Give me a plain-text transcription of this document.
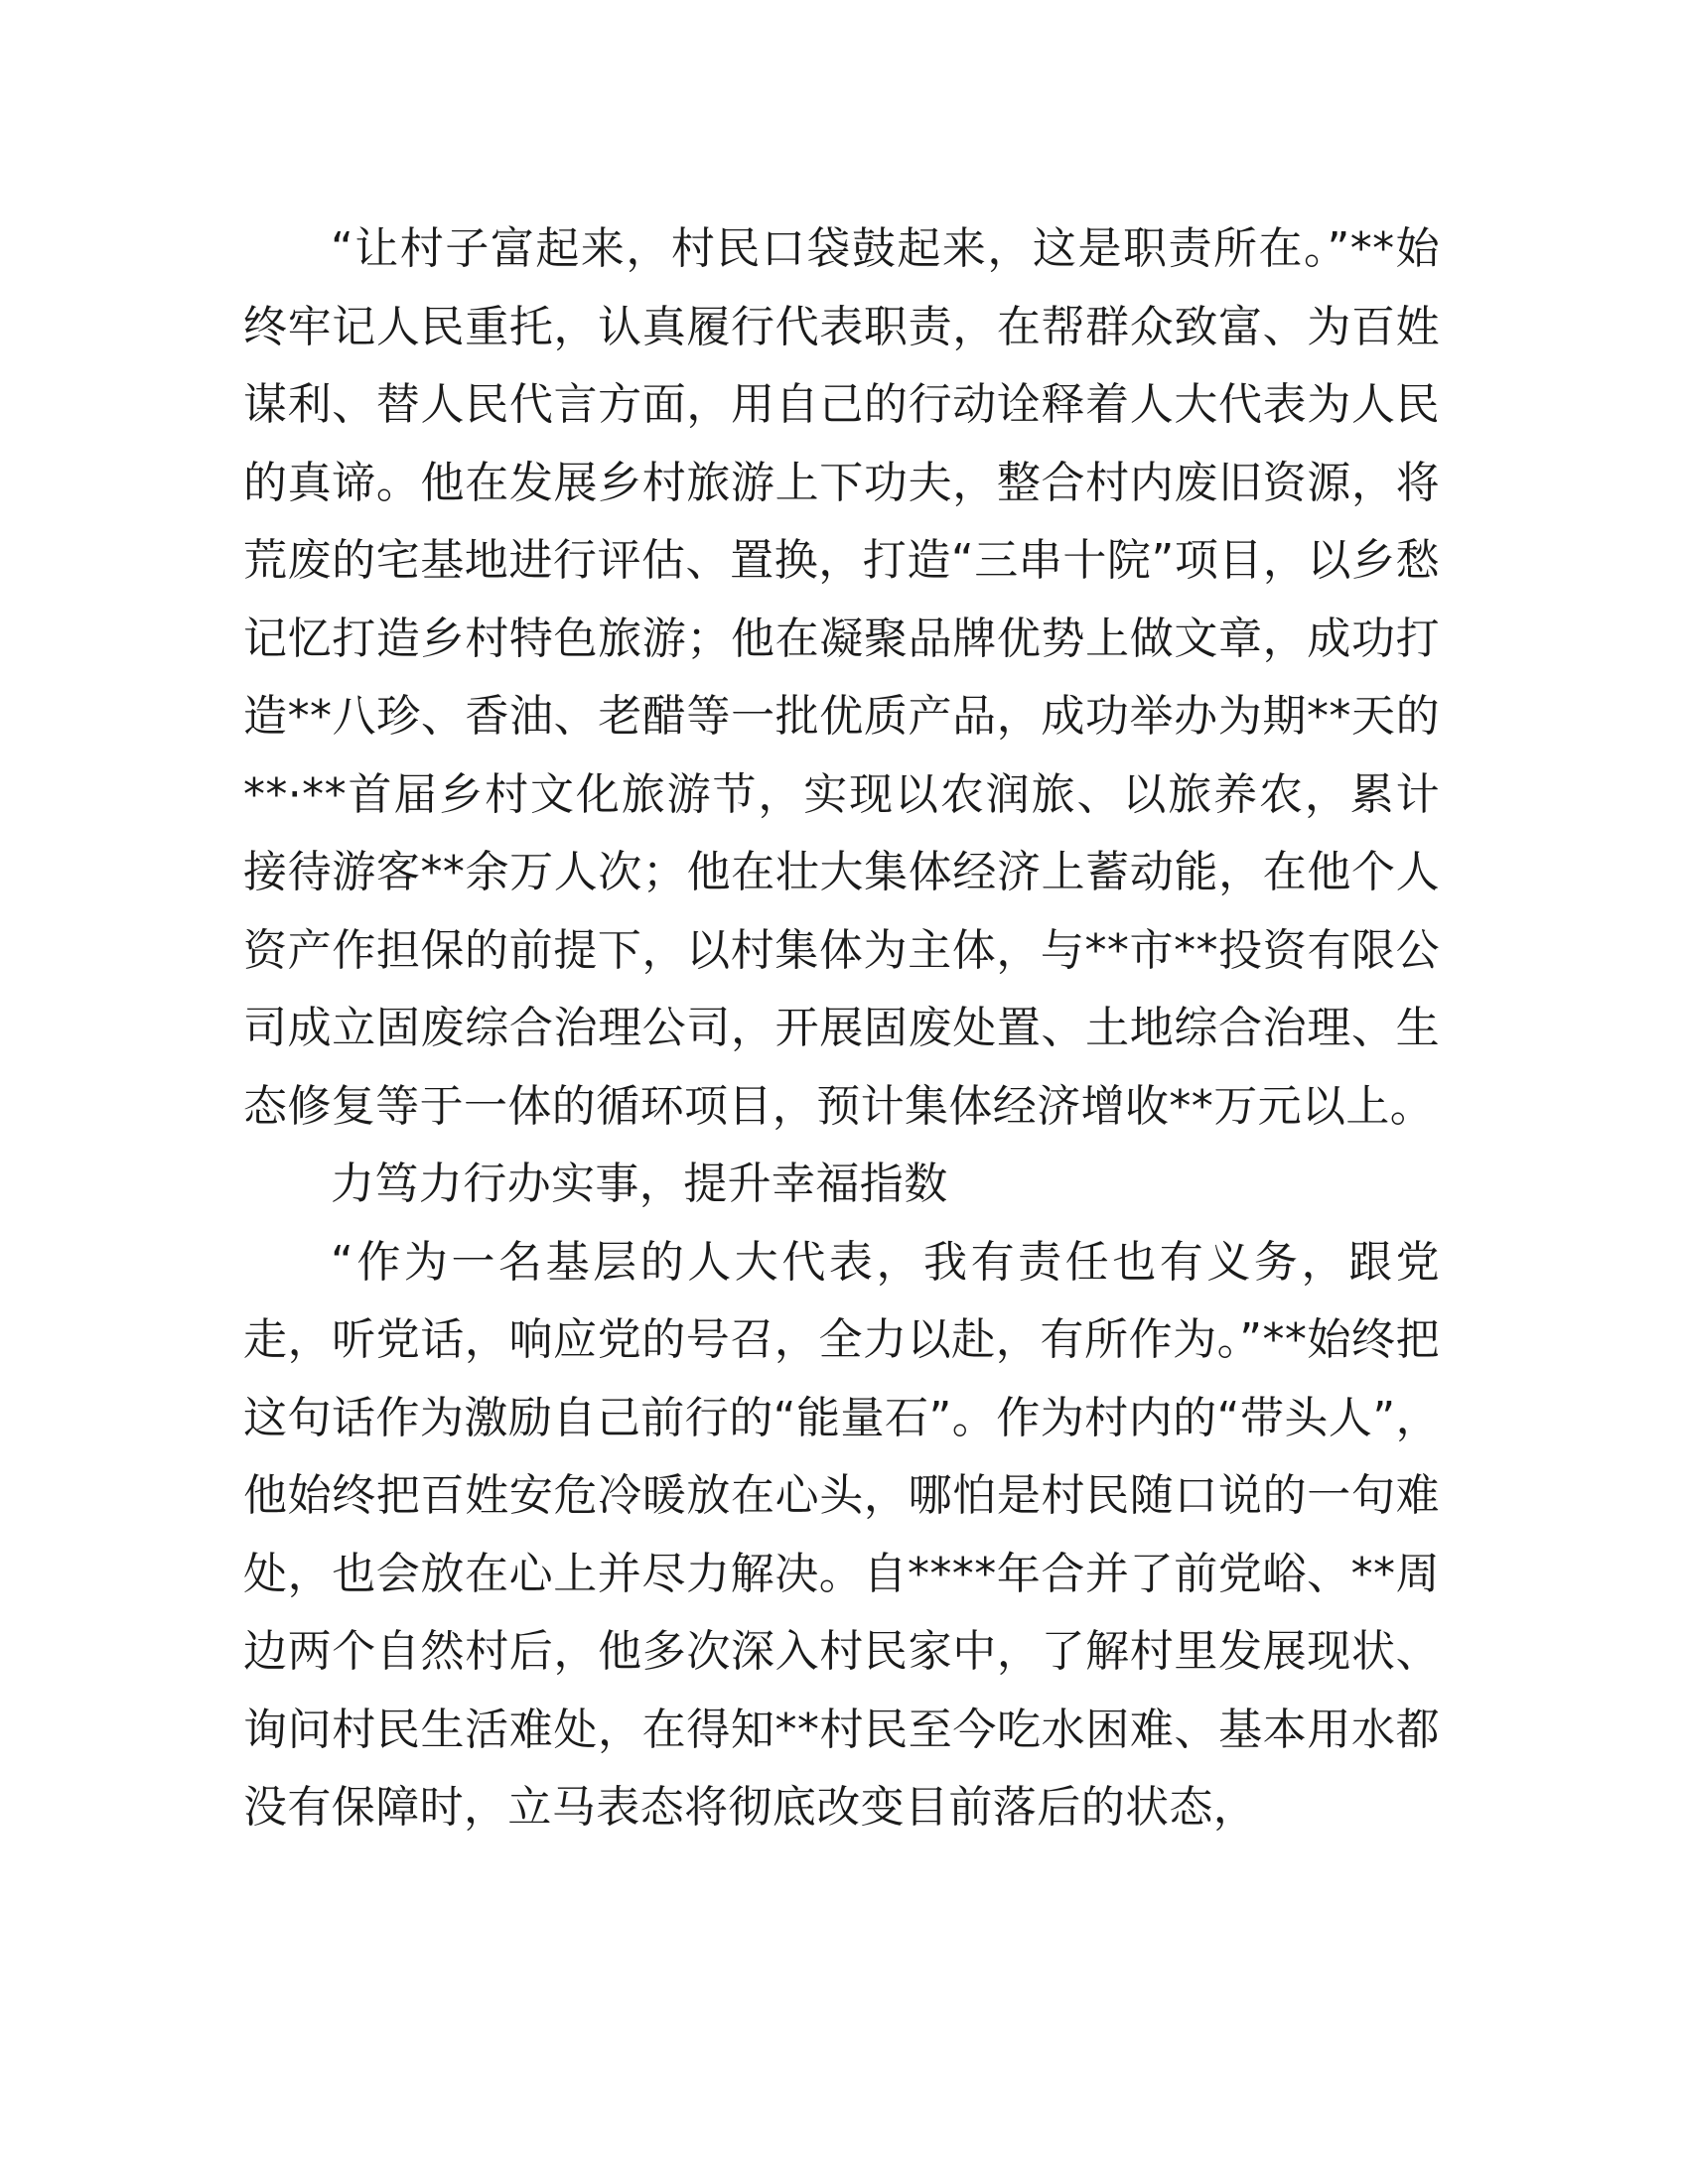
“让村子富起来，村民口袋鼓起来，这是职责所在。”**始终牢记人民重托，认真履行代表职责，在帮群众致富、为百姓谋利、替人民代言方面，用自己的行动诠释着人大代表为人民的真谛。他在发展乡村旅游上下功夫，整合村内废旧资源，将荒废的宅基地进行评估、置换，打造“三串十院”项目，以乡愁记忆打造乡村特色旅游；他在凝聚品牌优势上做文章，成功打造**八珍、香油、老醋等一批优质产品，成功举办为期**天的**·**首届乡村文化旅游节，实现以农润旅、以旅养农，累计接待游客**余万人次；他在壮大集体经济上蓄动能，在他个人资产作担保的前提下，以村集体为主体，与**市**投资有限公司成立固废综合治理公司，开展固废处置、土地综合治理、生态修复等于一体的循环项目，预计集体经济增收**万元以上。

力笃力行办实事，提升幸福指数

“作为一名基层的人大代表，我有责任也有义务，跟党走，听党话，响应党的号召，全力以赴，有所作为。”**始终把这句话作为激励自己前行的“能量石”。作为村内的“带头人”，他始终把百姓安危冷暖放在心头，哪怕是村民随口说的一句难处，也会放在心上并尽力解决。自****年合并了前党峪、**周边两个自然村后，他多次深入村民家中，了解村里发展现状、询问村民生活难处，在得知**村民至今吃水困难、基本用水都没有保障时，立马表态将彻底改变目前落后的状态，
